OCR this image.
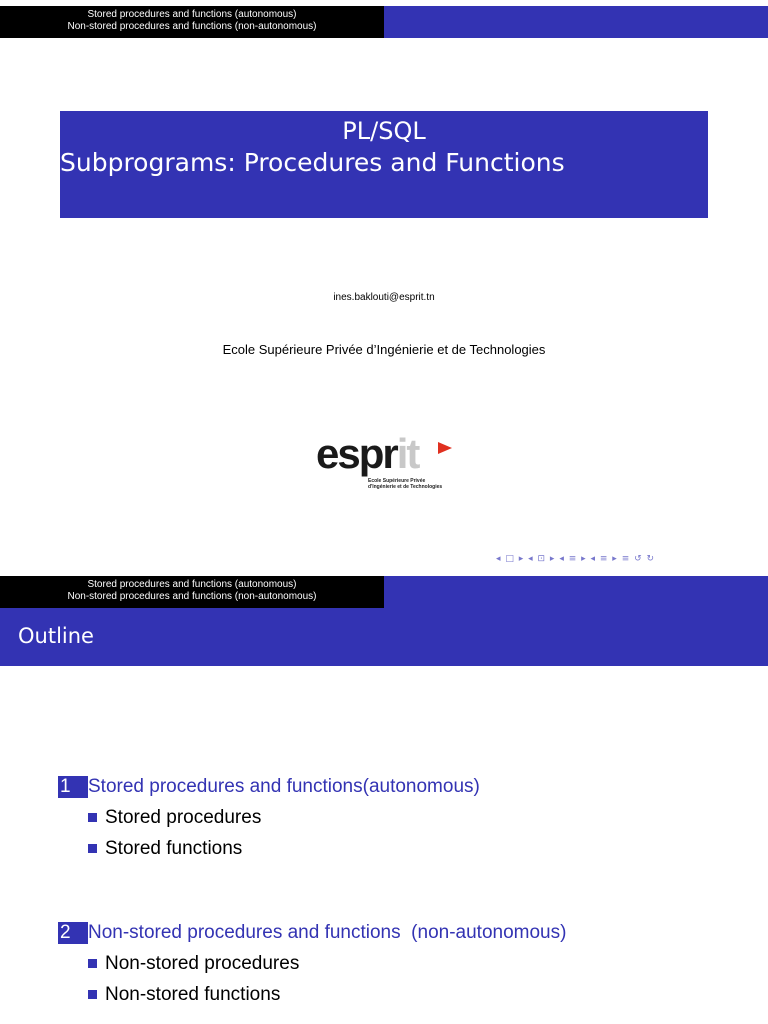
Stored procedures and functions (autonomous)
Non-stored procedures and functions (non-autonomous)
PL/SQL
Subprograms: Procedures and Functions
ines.baklouti@esprit.tn
Ecole Supérieure Privée d’Ingénierie et de Technologies
esprit
Ecole Supérieure Privée
d'Ingénierie et de Technologies
◂ □ ▸ ◂ ⊡ ▸ ◂ ≡ ▸ ◂ ≡ ▸ ≡ ↺ ↻
Stored procedures and functions (autonomous)
Non-stored procedures and functions (non-autonomous)
Outline
1 Stored procedures and functions(autonomous)
Stored procedures
Stored functions
2 Non-stored procedures and functions  (non-autonomous)
Non-stored procedures
Non-stored functions
